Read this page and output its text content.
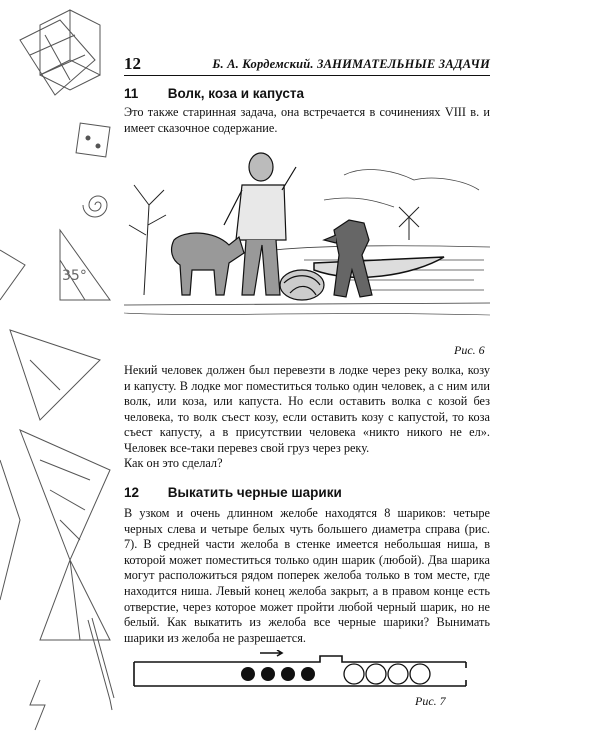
35°
12	Б. А. Кордемский. ЗАНИМАТЕЛЬНЫЕ ЗАДАЧИ
11 Волк, коза и капуста

Это также старинная задача, она встречается в сочинениях VIII в. и имеет сказочное содержание.

Рис. 6

Некий человек должен был перевезти в лодке через реку волка, козу и капусту. В лодке мог поместиться только один человек, а с ним или волк, или коза, или капуста. Но если оставить волка с козой без человека, то волк съест козу, если оставить козу с капустой, то коза съест капусту, а в присутствии человека «никто никого не ел». Человек все-таки перевез свой груз через реку.

Как он это сделал?

12 Выкатить черные шарики

В узком и очень длинном желобе находятся 8 шариков: четыре черных слева и четыре белых чуть большего диаметра справа (рис. 7). В средней части желоба в стенке имеется небольшая ниша, в которой может поместиться только один шарик (любой). Два шарика могут расположиться рядом поперек желоба только в том месте, где находится ниша. Левый конец желоба закрыт, а в правом конце есть отверстие, через которое может пройти любой черный шарик, но не белый. Как выкатить из желоба все черные шарики? Вынимать шарики из желоба не разрешается.

Рис. 7
